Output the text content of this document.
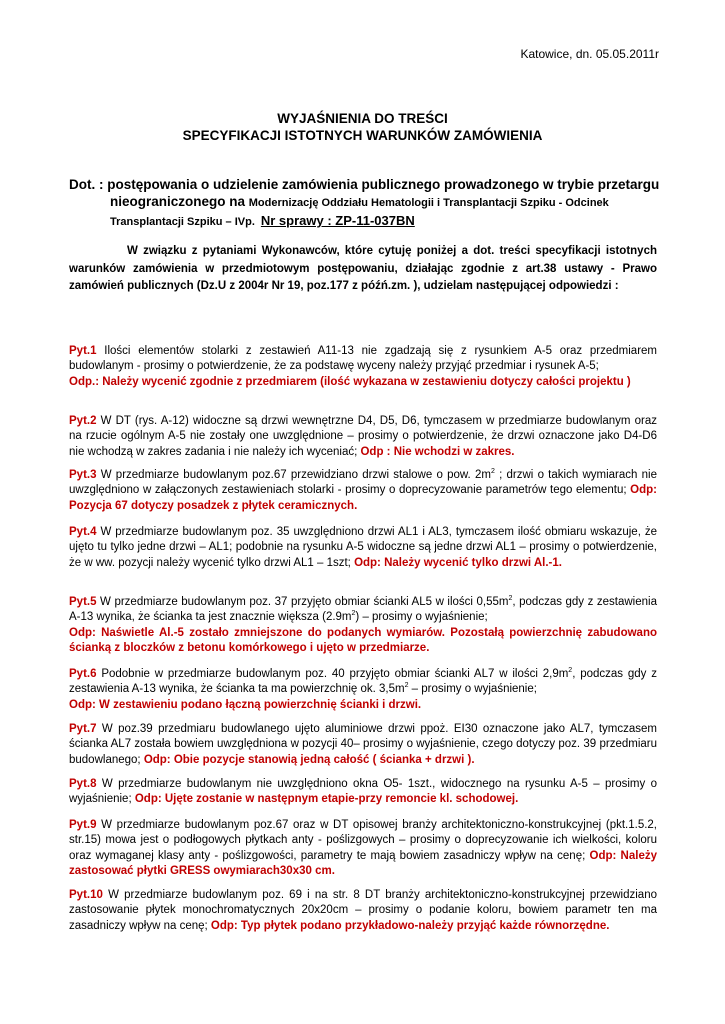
Katowice, dn. 05.05.2011r
WYJAŚNIENIA DO TREŚCI
SPECYFIKACJI ISTOTNYCH WARUNKÓW ZAMÓWIENIA
Dot. : postępowania o udzielenie zamówienia publicznego prowadzonego w trybie przetargu
nieograniczonego na Modernizację Oddziału Hematologii i Transplantacji Szpiku - Odcinek
Transplantacji Szpiku – IVp. Nr sprawy : ZP-11-037BN
W związku z pytaniami Wykonawców, które cytuję poniżej a dot. treści specyfikacji istotnych warunków zamówienia w przedmiotowym postępowaniu, działając zgodnie z art.38 ustawy - Prawo zamówień publicznych (Dz.U z 2004r Nr 19, poz.177 z późń.zm. ), udzielam następującej odpowiedzi :
Pyt.1 Ilości elementów stolarki z zestawień A11-13 nie zgadzają się z rysunkiem A-5 oraz przedmiarem budowlanym - prosimy o potwierdzenie, że za podstawę wyceny należy przyjąć przedmiar i rysunek A-5;
Odp.: Należy wycenić zgodnie z przedmiarem (ilość wykazana w zestawieniu dotyczy całości projektu )
Pyt.2 W DT (rys. A-12) widoczne są drzwi wewnętrzne D4, D5, D6, tymczasem w przedmiarze budowlanym oraz na rzucie ogólnym A-5 nie zostały one uwzględnione – prosimy o potwierdzenie, że drzwi oznaczone jako D4-D6 nie wchodzą w zakres zadania i nie należy ich wyceniać; Odp : Nie wchodzi w zakres.
Pyt.3 W przedmiarze budowlanym poz.67 przewidziano drzwi stalowe o pow. $2m^2$ ; drzwi o takich wymiarach nie uwzględniono w załączonych zestawieniach stolarki - prosimy o doprecyzowanie parametrów tego elementu; Odp: Pozycja 67 dotyczy posadzek z płytek ceramicznych.
Pyt.4 W przedmiarze budowlanym poz. 35 uwzględniono drzwi AL1 i AL3, tymczasem ilość obmiaru wskazuje, że ujęto tu tylko jedne drzwi – AL1; podobnie na rysunku A-5 widoczne są jedne drzwi AL1 – prosimy o potwierdzenie, że w ww. pozycji należy wycenić tylko drzwi AL1 – 1szt; Odp: Należy wycenić tylko drzwi Al.-1.
Pyt.5 W przedmiarze budowlanym poz. 37 przyjęto obmiar ścianki AL5 w ilości $0,55m^2$, podczas gdy z zestawienia A-13 wynika, że ścianka ta jest znacznie większa $(2.9m^2)$ – prosimy o wyjaśnienie;
Odp: Naświetle Al.-5 zostało zmniejszone do podanych wymiarów. Pozostałą powierzchnię zabudowano ścianką z bloczków z betonu komórkowego i ujęto w przedmiarze.
Pyt.6 Podobnie w przedmiarze budowlanym poz. 40 przyjęto obmiar ścianki AL7 w ilości $2,9m^2$, podczas gdy z zestawienia A-13 wynika, że ścianka ta ma powierzchnię ok. $3,5m^2$ – prosimy o wyjaśnienie;
Odp: W zestawieniu podano łączną powierzchnię ścianki i drzwi.
Pyt.7 W poz.39 przedmiaru budowlanego ujęto aluminiowe drzwi ppoż. EI30 oznaczone jako AL7, tymczasem ścianka AL7 została bowiem uwzględniona w pozycji 40– prosimy o wyjaśnienie, czego dotyczy poz. 39 przedmiaru budowlanego; Odp: Obie pozycje stanowią jedną całość ( ścianka + drzwi ).
Pyt.8 W przedmiarze budowlanym nie uwzględniono okna O5- 1szt., widocznego na rysunku A-5 – prosimy o wyjaśnienie; Odp: Ujęte zostanie w następnym etapie-przy remoncie kl. schodowej.
Pyt.9 W przedmiarze budowlanym poz.67 oraz w DT opisowej branży architektoniczno-konstrukcyjnej (pkt.1.5.2, str.15) mowa jest o podłogowych płytkach anty - poślizgowych – prosimy o doprecyzowanie ich wielkości, koloru oraz wymaganej klasy anty - poślizgowości, parametry te mają bowiem zasadniczy wpływ na cenę; Odp: Należy zastosować płytki GRESS owymiarach30x30 cm.
Pyt.10 W przedmiarze budowlanym poz. 69 i na str. 8 DT branży architektoniczno-konstrukcyjnej przewidziano zastosowanie płytek monochromatycznych 20x20cm – prosimy o podanie koloru, bowiem parametr ten ma zasadniczy wpływ na cenę; Odp: Typ płytek podano przykładowo-należy przyjąć każde równorzędne.
